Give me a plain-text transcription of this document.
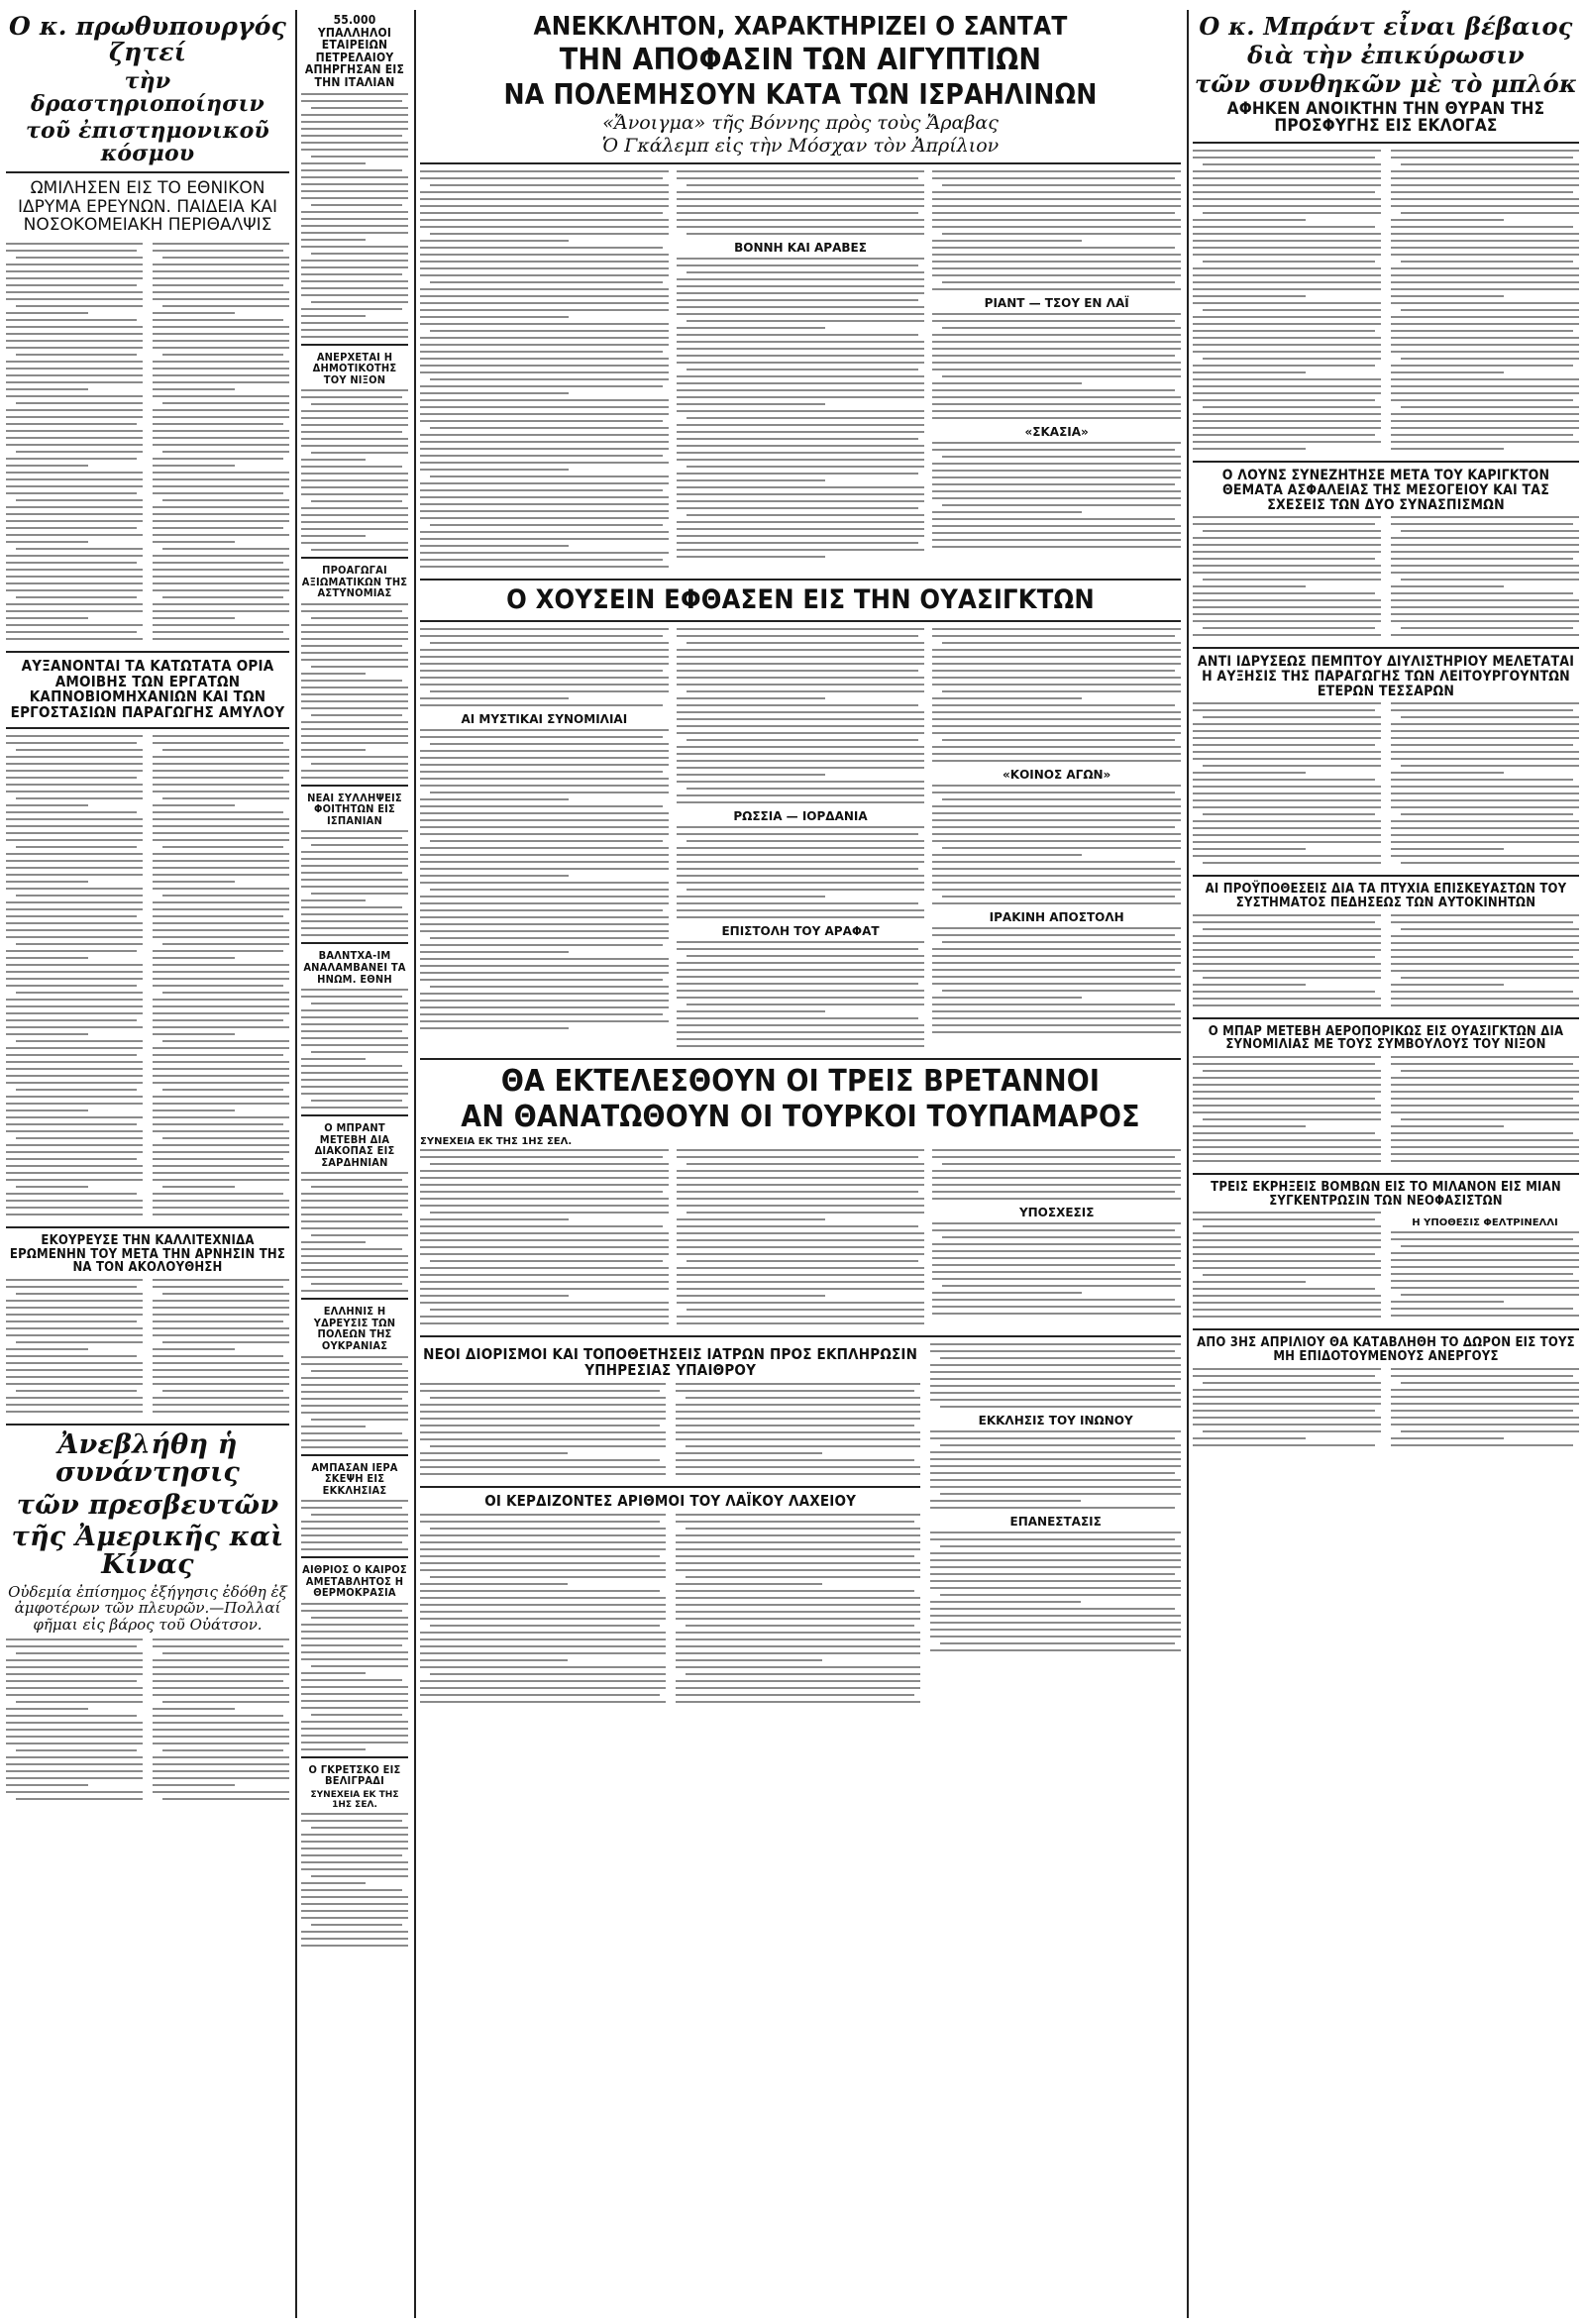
Ο κ. πρωθυπουργός ζητεί
τὴν δραστηριοποίησιν
τοῦ ἐπιστημονικοῦ κόσμου
ΩΜΙΛΗΣΕΝ ΕΙΣ ΤΟ ΕΘΝΙΚΟΝ ΙΔΡΥΜΑ ΕΡΕΥΝΩΝ. ΠΑΙΔΕΙΑ ΚΑΙ ΝΟΣΟΚΟΜΕΙΑΚΗ ΠΕΡΙΘΑΛΨΙΣ
ΑΥΞΑΝΟΝΤΑΙ ΤΑ ΚΑΤΩΤΑΤΑ ΟΡΙΑ ΑΜΟΙΒΗΣ ΤΩΝ ΕΡΓΑΤΩΝ ΚΑΠΝΟΒΙΟΜΗΧΑΝΙΩΝ ΚΑΙ ΤΩΝ ΕΡΓΟΣΤΑΣΙΩΝ ΠΑΡΑΓΩΓΗΣ ΑΜΥΛΟΥ
ΕΚΟΥΡΕΥΣΕ ΤΗΝ ΚΑΛΛΙΤΕΧΝΙΔΑ ΕΡΩΜΕΝΗΝ ΤΟΥ ΜΕΤΑ ΤΗΝ ΑΡΝΗΣΙΝ ΤΗΣ ΝΑ ΤΟΝ ΑΚΟΛΟΥΘΗΣΗ
Ἀνεβλήθη ἡ συνάντησις
τῶν πρεσβευτῶν
τῆς Ἀμερικῆς καὶ Κίνας
Οὐδεμία ἐπίσημος ἐξήγησις ἐδόθη ἐξ ἀμφοτέρων τῶν πλευρῶν.—Πολλαί φῆμαι εἰς βάρος τοῦ Οὐάτσον.
55.000 ΥΠΑΛΛΗΛΟΙ ΕΤΑΙΡΕΙΩΝ ΠΕΤΡΕΛΑΙΟΥ ΑΠΗΡΓΗΣΑΝ ΕΙΣ ΤΗΝ ΙΤΑΛΙΑΝ
ΑΝΕΡΧΕΤΑΙ Η ΔΗΜΟΤΙΚΟΤΗΣ ΤΟΥ ΝΙΞΟΝ
ΠΡΟΑΓΩΓΑΙ ΑΞΙΩΜΑΤΙΚΩΝ ΤΗΣ ΑΣΤΥΝΟΜΙΑΣ
ΝΕΑΙ ΣΥΛΛΗΨΕΙΣ ΦΟΙΤΗΤΩΝ ΕΙΣ ΙΣΠΑΝΙΑΝ
ΒΑΛΝΤΧΑ-ΙΜ ΑΝΑΛΑΜΒΑΝΕΙ ΤΑ ΗΝΩΜ. ΕΘΝΗ
Ο ΜΠΡΑΝΤ ΜΕΤΕΒΗ ΔΙΑ ΔΙΑΚΟΠΑΣ ΕΙΣ ΣΑΡΔΗΝΙΑΝ
ΕΛΛΗΝΙΣ Η ΥΔΡΕΥΣΙΣ ΤΩΝ ΠΟΛΕΩΝ ΤΗΣ ΟΥΚΡΑΝΙΑΣ
ΑΜΠΑΣΑΝ ΙΕΡΑ ΣΚΕΨΗ ΕΙΣ ΕΚΚΛΗΣΙΑΣ
ΑΙΘΡΙΟΣ Ο ΚΑΙΡΟΣ ΑΜΕΤΑΒΛΗΤΟΣ Η ΘΕΡΜΟΚΡΑΣΙΑ
Ο ΓΚΡΕΤΣΚΟ ΕΙΣ ΒΕΛΙΓΡΑΔΙ
ΣΥΝΕΧΕΙΑ ΕΚ ΤΗΣ 1ΗΣ ΣΕΛ.
ΑΝΕΚΚΛΗΤΟΝ, ΧΑΡΑΚΤΗΡΙΖΕΙ Ο ΣΑΝΤΑΤ
ΤΗΝ ΑΠΟΦΑΣΙΝ ΤΩΝ ΑΙΓΥΠΤΙΩΝ
ΝΑ ΠΟΛΕΜΗΣΟΥΝ ΚΑΤΑ ΤΩΝ ΙΣΡΑΗΛΙΝΩΝ
«Ἄνοιγμα» τῆς Βόννης πρὸς τοὺς Ἄραβας
Ὁ Γκάλεμπ εἰς τὴν Μόσχαν τὸν Ἀπρίλιον
ΒΟΝΝΗ ΚΑΙ ΑΡΑΒΕΣ
ΡΙΑΝΤ — ΤΣΟΥ ΕΝ ΛΑΪ
«ΣΚΑΣΙΑ»
Ο ΧΟΥΣΕΙΝ ΕΦΘΑΣΕΝ ΕΙΣ ΤΗΝ ΟΥΑΣΙΓΚΤΩΝ
ΑΙ ΜΥΣΤΙΚΑΙ ΣΥΝΟΜΙΛΙΑΙ
ΡΩΣΣΙΑ — ΙΟΡΔΑΝΙΑ
ΕΠΙΣΤΟΛΗ ΤΟΥ ΑΡΑΦΑΤ
«ΚΟΙΝΟΣ ΑΓΩΝ»
ΙΡΑΚΙΝΗ ΑΠΟΣΤΟΛΗ
ΘΑ ΕΚΤΕΛΕΣΘΟΥΝ ΟΙ ΤΡΕΙΣ ΒΡΕΤΑΝΝΟΙ
ΑΝ ΘΑΝΑΤΩΘΟΥΝ ΟΙ ΤΟΥΡΚΟΙ ΤΟΥΠΑΜΑΡΟΣ
ΣΥΝΕΧΕΙΑ ΕΚ ΤΗΣ 1ΗΣ ΣΕΛ.
ΥΠΟΣΧΕΣΙΣ
ΝΕΟΙ ΔΙΟΡΙΣΜΟΙ ΚΑΙ ΤΟΠΟΘΕΤΗΣΕΙΣ ΙΑΤΡΩΝ ΠΡΟΣ ΕΚΠΛΗΡΩΣΙΝ ΥΠΗΡΕΣΙΑΣ ΥΠΑΙΘΡΟΥ
ΟΙ ΚΕΡΔΙΖΟΝΤΕΣ ΑΡΙΘΜΟΙ ΤΟΥ ΛΑΪΚΟΥ ΛΑΧΕΙΟΥ
ΕΚΚΛΗΣΙΣ ΤΟΥ ΙΝΩΝΟΥ
ΕΠΑΝΕΣΤΑΣΙΣ
Ο κ. Μπράντ εἶναι βέβαιος
διὰ τὴν ἐπικύρωσιν
τῶν συνθηκῶν μὲ τὸ μπλόκ
ΑΦΗΚΕΝ ΑΝΟΙΚΤΗΝ ΤΗΝ ΘΥΡΑΝ ΤΗΣ ΠΡΟΣΦΥΓΗΣ ΕΙΣ ΕΚΛΟΓΑΣ
Ο ΛΟΥΝΣ ΣΥΝΕΖΗΤΗΣΕ ΜΕΤΑ ΤΟΥ ΚΑΡΙΓΚΤΟΝ ΘΕΜΑΤΑ ΑΣΦΑΛΕΙΑΣ ΤΗΣ ΜΕΣΟΓΕΙΟΥ ΚΑΙ ΤΑΣ ΣΧΕΣΕΙΣ ΤΩΝ ΔΥΟ ΣΥΝΑΣΠΙΣΜΩΝ
ΑΝΤΙ ΙΔΡΥΣΕΩΣ ΠΕΜΠΤΟΥ ΔΙΥΛΙΣΤΗΡΙΟΥ ΜΕΛΕΤΑΤΑΙ Η ΑΥΞΗΣΙΣ ΤΗΣ ΠΑΡΑΓΩΓΗΣ ΤΩΝ ΛΕΙΤΟΥΡΓΟΥΝΤΩΝ ΕΤΕΡΩΝ ΤΕΣΣΑΡΩΝ
ΑΙ ΠΡΟΫΠΟΘΕΣΕΙΣ ΔΙΑ ΤΑ ΠΤΥΧΙΑ ΕΠΙΣΚΕΥΑΣΤΩΝ ΤΟΥ ΣΥΣΤΗΜΑΤΟΣ ΠΕΔΗΣΕΩΣ ΤΩΝ ΑΥΤΟΚΙΝΗΤΩΝ
Ο ΜΠΑΡ ΜΕΤΕΒΗ ΑΕΡΟΠΟΡΙΚΩΣ ΕΙΣ ΟΥΑΣΙΓΚΤΩΝ ΔΙΑ ΣΥΝΟΜΙΛΙΑΣ ΜΕ ΤΟΥΣ ΣΥΜΒΟΥΛΟΥΣ ΤΟΥ ΝΙΞΟΝ
ΤΡΕΙΣ ΕΚΡΗΞΕΙΣ ΒΟΜΒΩΝ ΕΙΣ ΤΟ ΜΙΛΑΝΟΝ ΕΙΣ ΜΙΑΝ ΣΥΓΚΕΝΤΡΩΣΙΝ ΤΩΝ ΝΕΟΦΑΣΙΣΤΩΝ
Η ΥΠΟΘΕΣΙΣ ΦΕΛΤΡΙΝΕΛΛΙ
ΑΠΟ 3ΗΣ ΑΠΡΙΛΙΟΥ ΘΑ ΚΑΤΑΒΛΗΘΗ ΤΟ ΔΩΡΟΝ ΕΙΣ ΤΟΥΣ ΜΗ ΕΠΙΔΟΤΟΥΜΕΝΟΥΣ ΑΝΕΡΓΟΥΣ
